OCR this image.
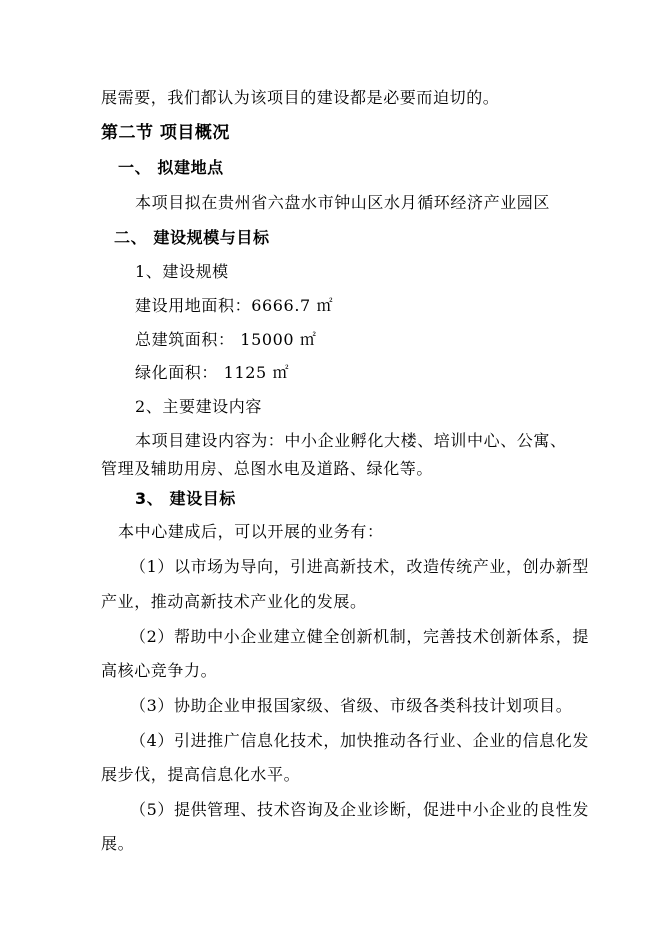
展需要，我们都认为该项目的建设都是必要而迫切的。
第二节 项目概况
一、 拟建地点
本项目拟在贵州省六盘水市钟山区水月循环经济产业园区
二、 建设规模与目标
1、建设规模
建设用地面积：6666.7 ㎡
总建筑面积： 15000 ㎡
绿化面积： 1125 ㎡
2、主要建设内容
本项目建设内容为：中小企业孵化大楼、培训中心、公寓、
管理及辅助用房、总图水电及道路、绿化等。
3、 建设目标
本中心建成后，可以开展的业务有：
（1）以市场为导向，引进高新技术，改造传统产业，创办新型
产业，推动高新技术产业化的发展。
（2）帮助中小企业建立健全创新机制，完善技术创新体系，提
高核心竞争力。
（3）协助企业申报国家级、省级、市级各类科技计划项目。
（4）引进推广信息化技术，加快推动各行业、企业的信息化发
展步伐，提高信息化水平。
（5）提供管理、技术咨询及企业诊断，促进中小企业的良性发
展。
